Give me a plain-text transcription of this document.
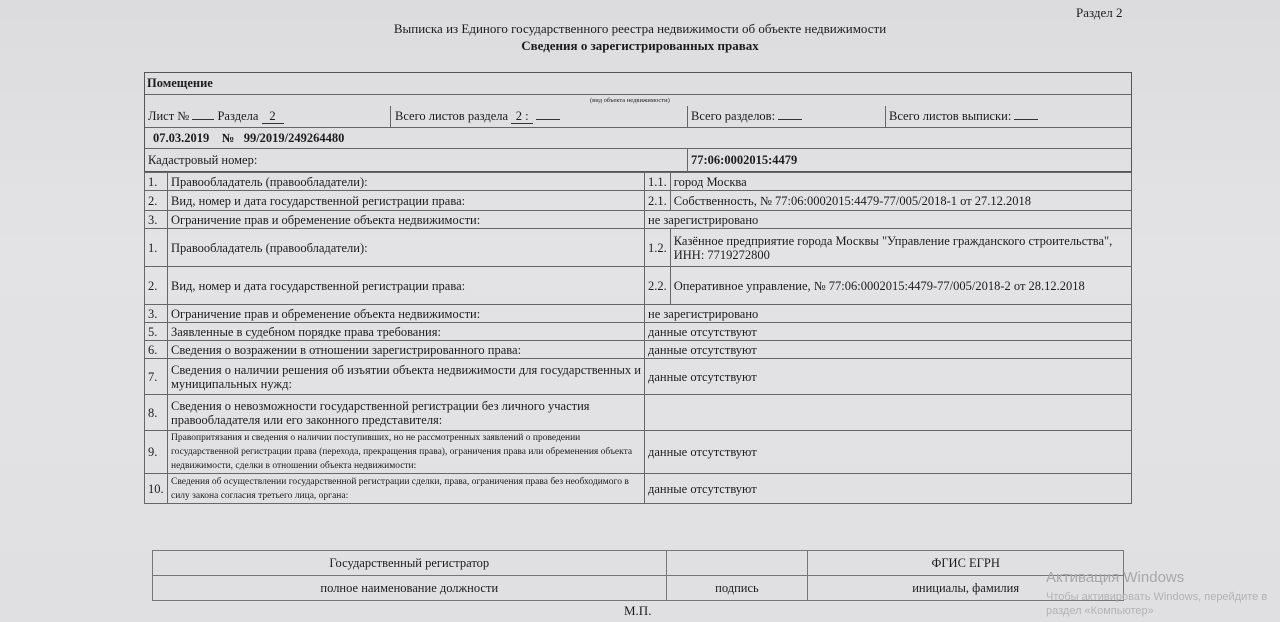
Раздел 2
Выписка из Единого государственного реестра недвижимости об объекте недвижимости
Сведения о зарегистрированных правах
Помещение
(вид объекта недвижимости)
Лист № Раздела 2	Всего листов раздела 2 :	Всего разделов:	Всего листов выписки:
07.03.2019 № 99/2019/249264480
Кадастровый номер:	77:06:0002015:4479
1.	Правообладатель (правообладатели):	1.1.	город Москва
2.	Вид, номер и дата государственной регистрации права:	2.1.	Собственность, № 77:06:0002015:4479-77/005/2018-1 от 27.12.2018
3.	Ограничение прав и обременение объекта недвижимости:	не зарегистрировано	
1.	Правообладатель (правообладатели):	1.2.	Казённое предприятие города Москвы "Управление гражданского строительства", ИНН: 7719272800
2.	Вид, номер и дата государственной регистрации права:	2.2.	Оперативное управление, № 77:06:0002015:4479-77/005/2018-2 от 28.12.2018
3.	Ограничение прав и обременение объекта недвижимости:	не зарегистрировано	
5.	Заявленные в судебном порядке права требования:	данные отсутствуют	
6.	Сведения о возражении в отношении зарегистрированного права:	данные отсутствуют	
7.	Сведения о наличии решения об изъятии объекта недвижимости для государственных и муниципальных нужд:	данные отсутствуют	
8.	Сведения о невозможности государственной регистрации без личного участия правообладателя или его законного представителя:		
9.	Правопритязания и сведения о наличии поступивших, но не рассмотренных заявлений о проведении государственной регистрации права (перехода, прекращения права), ограничения права или обременения объекта недвижимости, сделки в отношении объекта недвижимости:	данные отсутствуют	
10.	Сведения об осуществлении государственной регистрации сделки, права, ограничения права без необходимого в силу закона согласия третьего лица, органа:	данные отсутствуют	
Государственный регистратор		ФГИС ЕГРН
полное наименование должности	подпись	инициалы, фамилия
М.П.
Активация Windows
Чтобы активировать Windows, перейдите в раздел «Компьютер»
